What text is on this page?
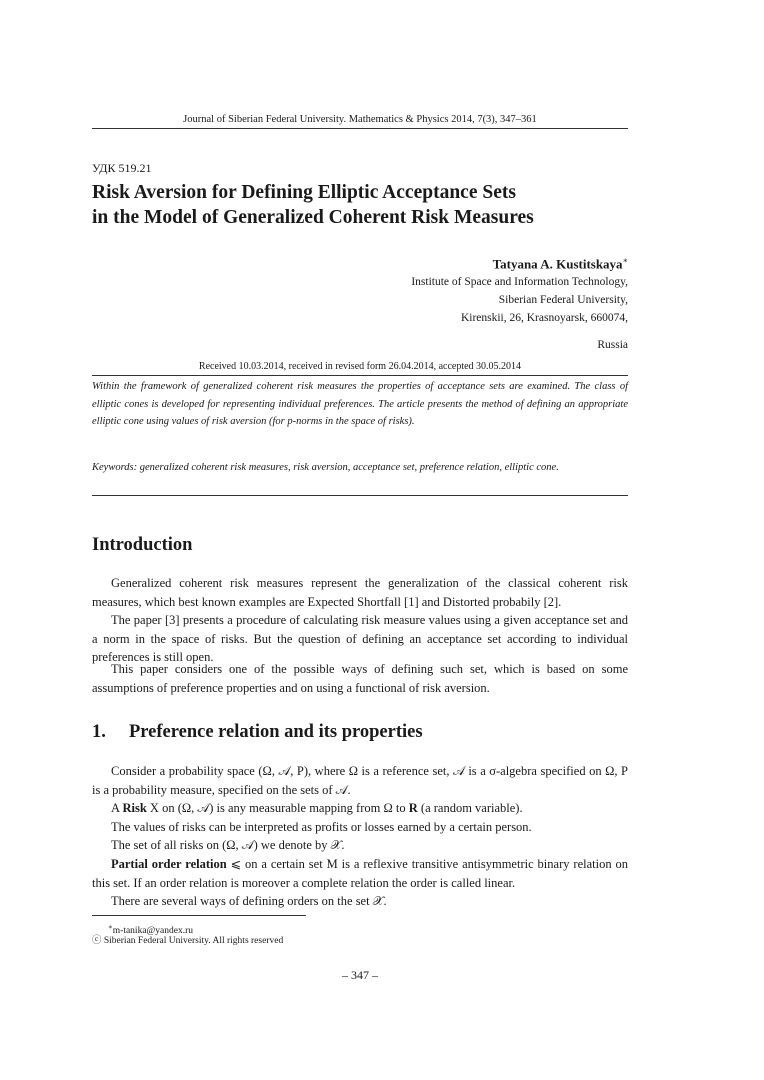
Journal of Siberian Federal University. Mathematics & Physics 2014, 7(3), 347–361
УДК 519.21
Risk Aversion for Defining Elliptic Acceptance Sets
in the Model of Generalized Coherent Risk Measures
Tatyana A. Kustitskaya∗
Institute of Space and Information Technology,
Siberian Federal University,
Kirenskii, 26, Krasnoyarsk, 660074,
Russia
Received 10.03.2014, received in revised form 26.04.2014, accepted 30.05.2014

Within the framework of generalized coherent risk measures the properties of acceptance sets are examined. The class of elliptic cones is developed for representing individual preferences. The article presents the method of defining an appropriate elliptic cone using values of risk aversion (for p-norms in the space of risks).

Keywords: generalized coherent risk measures, risk aversion, acceptance set, preference relation, elliptic cone.

Introduction

Generalized coherent risk measures represent the generalization of the classical coherent risk measures, which best known examples are Expected Shortfall [1] and Distorted probabily [2].

The paper [3] presents a procedure of calculating risk measure values using a given acceptance set and a norm in the space of risks. But the question of defining an acceptance set according to individual preferences is still open.

This paper considers one of the possible ways of defining such set, which is based on some assumptions of preference properties and on using a functional of risk aversion.

1. Preference relation and its properties

Consider a probability space (Ω, 𝒜, P), where Ω is a reference set, 𝒜 is a σ-algebra specified on Ω, P is a probability measure, specified on the sets of 𝒜.

A Risk X on (Ω, 𝒜) is any measurable mapping from Ω to R (a random variable).

The values of risks can be interpreted as profits or losses earned by a certain person.

The set of all risks on (Ω, 𝒜) we denote by 𝒳.

Partial order relation ⩽ on a certain set M is a reflexive transitive antisymmetric binary relation on this set. If an order relation is moreover a complete relation the order is called linear.

There are several ways of defining orders on the set 𝒳.

∗m-tanika@yandex.ru
ⓒ Siberian Federal University. All rights reserved
– 347 –
